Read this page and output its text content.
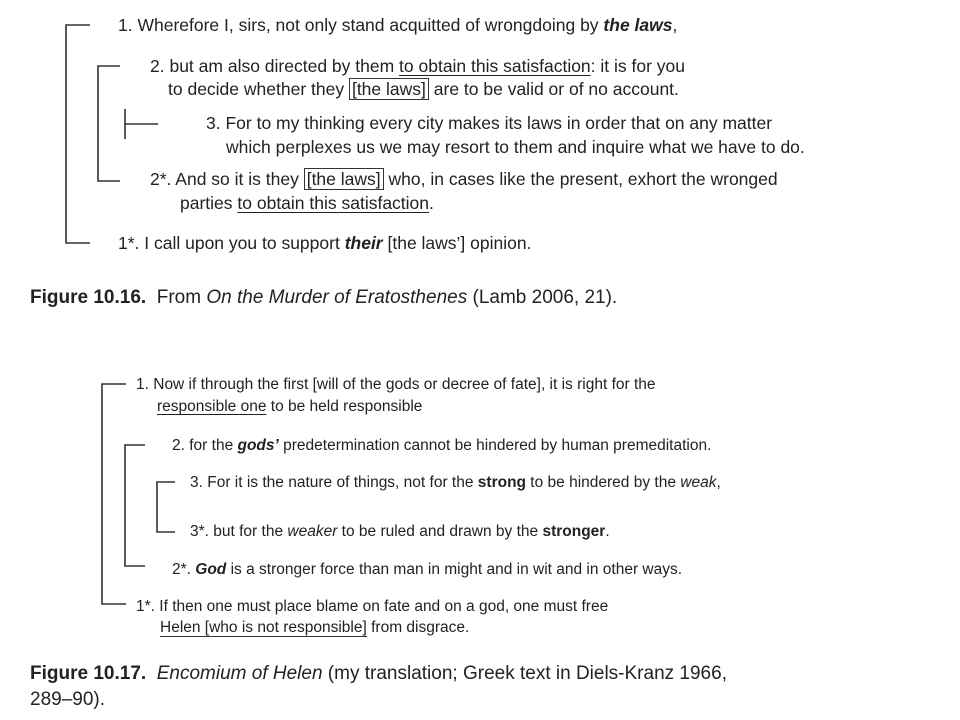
1. Wherefore I, sirs, not only stand acquitted of wrongdoing by the laws,
2. but am also directed by them to obtain this satisfaction: it is for you
to decide whether they [the laws] are to be valid or of no account.
3. For to my thinking every city makes its laws in order that on any matter
which perplexes us we may resort to them and inquire what we have to do.
2*. And so it is they [the laws] who, in cases like the present, exhort the wronged
parties to obtain this satisfaction.
1*. I call upon you to support their [the laws’] opinion.
Figure 10.16.  From On the Murder of Eratosthenes (Lamb 2006, 21).
1. Now if through the first [will of the gods or decree of fate], it is right for the
responsible one to be held responsible
2. for the gods’ predetermination cannot be hindered by human premeditation.
3. For it is the nature of things, not for the strong to be hindered by the weak,
3*. but for the weaker to be ruled and drawn by the stronger.
2*. God is a stronger force than man in might and in wit and in other ways.
1*. If then one must place blame on fate and on a god, one must free
Helen [who is not responsible] from disgrace.
Figure 10.17. Encomium of Helen (my translation; Greek text in Diels-Kranz 1966,
289–90).
